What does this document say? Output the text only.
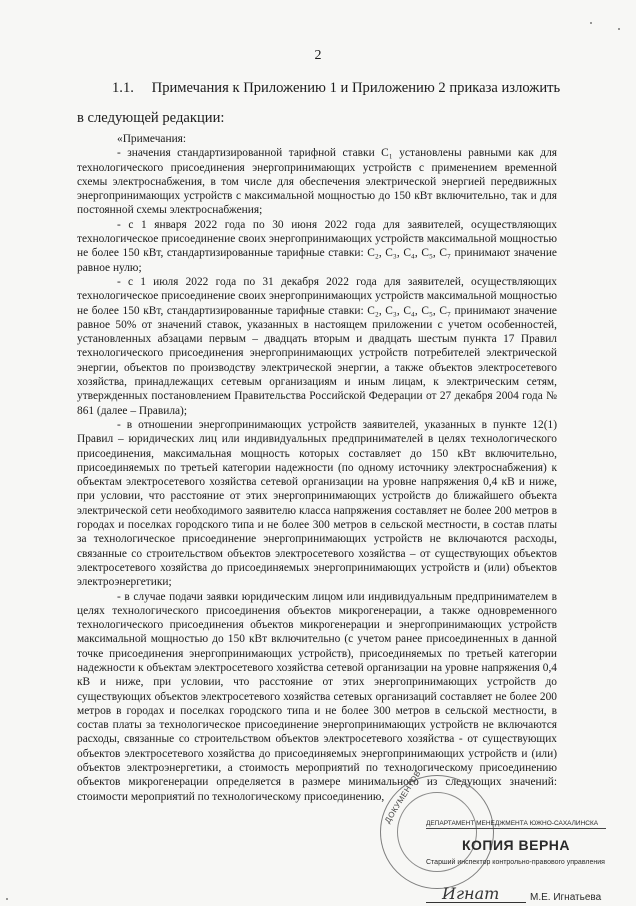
2
1.1. Примечания к Приложению 1 и Приложению 2 приказа изложить
в следующей редакции:

«Примечания:

- значения стандартизированной тарифной ставки С₁ установлены равными как для технологического присоединения энергопринимающих устройств с применением временной схемы электроснабжения, в том числе для обеспечения электрической энергией передвижных энергопринимающих устройств с максимальной мощностью до 150 кВт включительно, так и для постоянной схемы электроснабжения;

- с 1 января 2022 года по 30 июня 2022 года для заявителей, осуществляющих технологическое присоединение своих энергопринимающих устройств максимальной мощностью не более 150 кВт, стандартизированные тарифные ставки: С₂, С₃, С₄, С₅, С₇ принимают значение равное нулю;

- с 1 июля 2022 года по 31 декабря 2022 года для заявителей, осуществляющих технологическое присоединение своих энергопринимающих устройств максимальной мощностью не более 150 кВт, стандартизированные тарифные ставки: С₂, С₃, С₄, С₅, С₇ принимают значение равное 50% от значений ставок, указанных в настоящем приложении с учетом особенностей, установленных абзацами первым – двадцать вторым и двадцать шестым пункта 17 Правил технологического присоединения энергопринимающих устройств потребителей электрической энергии, объектов по производству электрической энергии, а также объектов электросетевого хозяйства, принадлежащих сетевым организациям и иным лицам, к электрическим сетям, утвержденных постановлением Правительства Российской Федерации от 27 декабря 2004 года № 861 (далее – Правила);

- в отношении энергопринимающих устройств заявителей, указанных в пункте 12(1) Правил – юридических лиц или индивидуальных предпринимателей в целях технологического присоединения, максимальная мощность которых составляет до 150 кВт включительно, присоединяемых по третьей категории надежности (по одному источнику электроснабжения) к объектам электросетевого хозяйства сетевой организации на уровне напряжения 0,4 кВ и ниже, при условии, что расстояние от этих энергопринимающих устройств до ближайшего объекта электрической сети необходимого заявителю класса напряжения составляет не более 200 метров в городах и поселках городского типа и не более 300 метров в сельской местности, в состав платы за технологическое присоединение энергопринимающих устройств не включаются расходы, связанные со строительством объектов электросетевого хозяйства – от существующих объектов электросетевого хозяйства до присоединяемых энергопринимающих устройств и (или) объектов электроэнергетики;

- в случае подачи заявки юридическим лицом или индивидуальным предпринимателем в целях технологического присоединения объектов микрогенерации, а также одновременного технологического присоединения объектов микрогенерации и энергопринимающих устройств максимальной мощностью до 150 кВт включительно (с учетом ранее присоединенных в данной точке присоединения энергопринимающих устройств), присоединяемых по третьей категории надежности к объектам электросетевого хозяйства сетевой организации на уровне напряжения 0,4 кВ и ниже, при условии, что расстояние от этих энергопринимающих устройств до существующих объектов электросетевого хозяйства сетевых организаций составляет не более 200 метров в городах и поселках городского типа и не более 300 метров в сельской местности, в состав платы за технологическое присоединение энергопринимающих устройств не включаются расходы, связанные со строительством объектов электросетевого хозяйства - от существующих объектов электросетевого хозяйства до присоединяемых энергопринимающих устройств и (или) объектов электроэнергетики, а стоимость мероприятий по технологическому присоединению объектов микрогенерации определяется в размере минимального из следующих значений: стоимости мероприятий по технологическому присоединению,

ДОКУМЕНТОВ ДЕПАРТАМЕНТ МЕНЕДЖМЕНТА ЮЖНО-САХАЛИНСКА
КОПИЯ ВЕРНА
Старший инспектор контрольно-правового управления
Игнат	М.Е. Игнатьева
